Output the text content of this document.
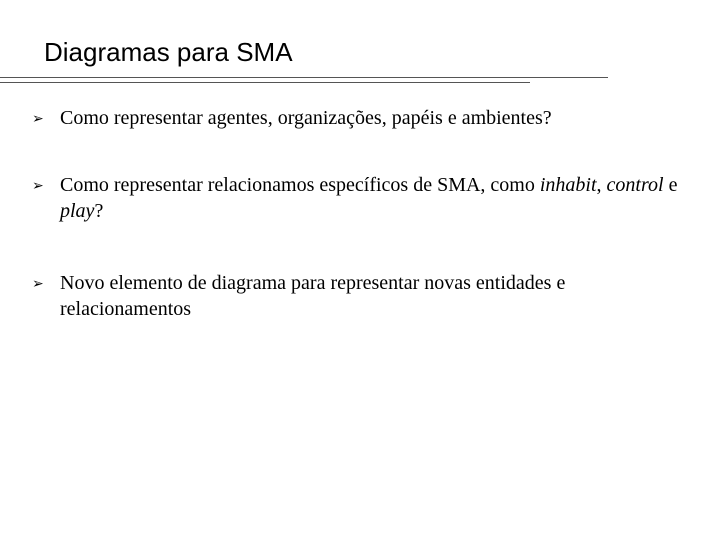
Diagramas para SMA
➢ Como representar agentes, organizações, papéis e ambientes?
➢ Como representar relacionamos específicos de SMA, como inhabit, control e play?
➢ Novo elemento de diagrama para representar novas entidades e relacionamentos
